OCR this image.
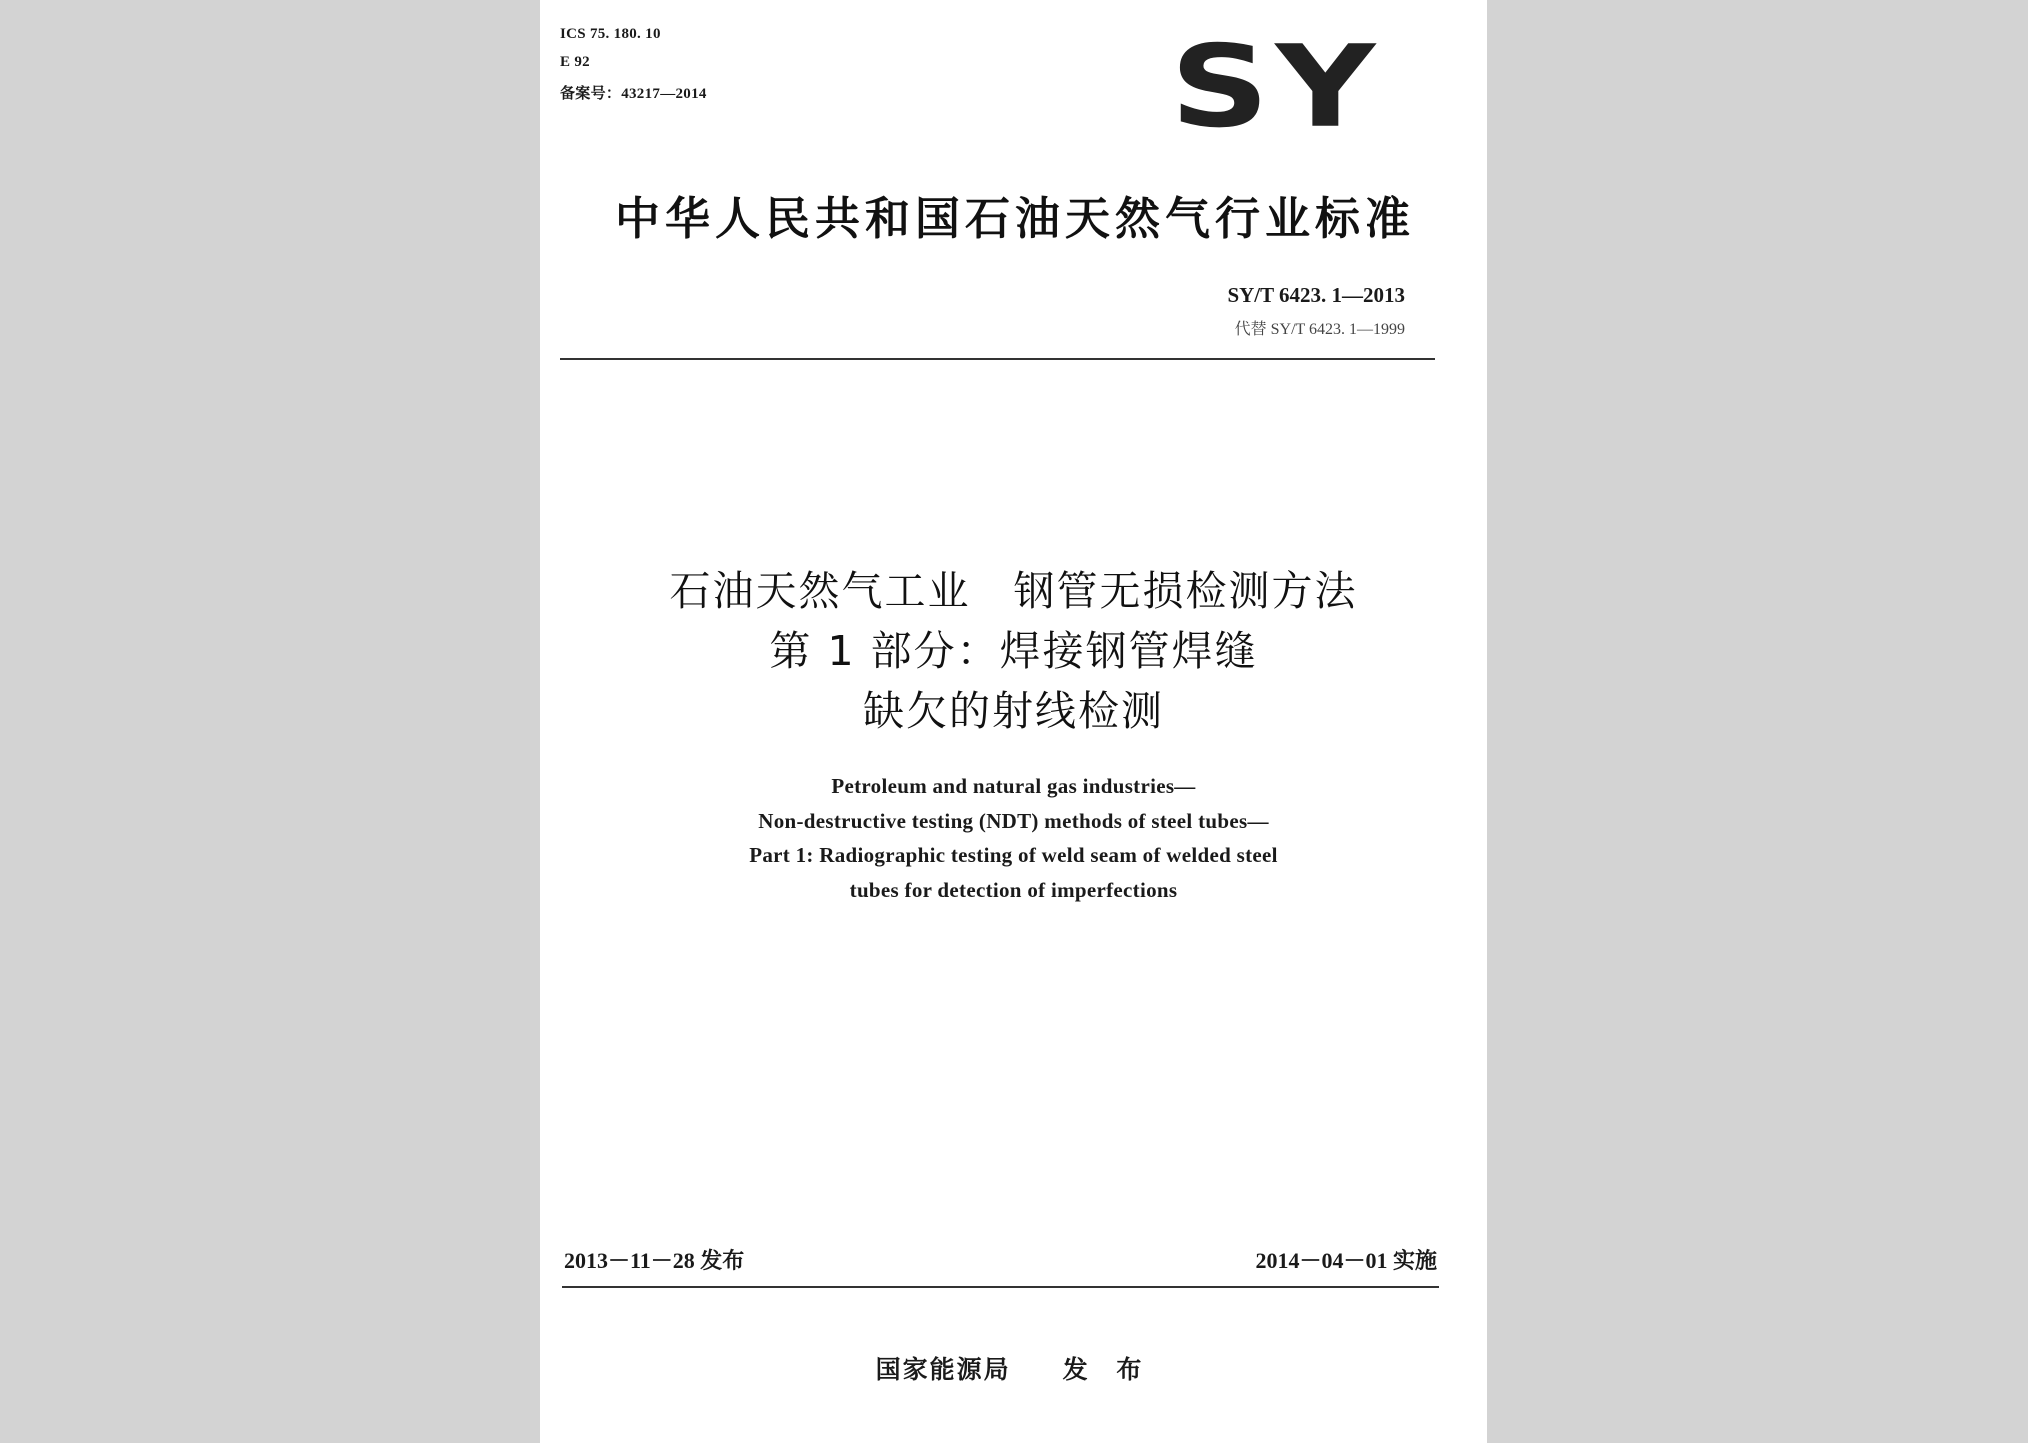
ICS 75. 180. 10
E 92
备案号：43217—2014	SY
中华人民共和国石油天然气行业标准
SY/T 6423. 1—2013
代替 SY/T 6423. 1—1999
石油天然气工业　钢管无损检测方法
第 1 部分：焊接钢管焊缝
缺欠的射线检测
Petroleum and natural gas industries—
Non-destructive testing (NDT) methods of steel tubes—
Part 1: Radiographic testing of weld seam of welded steel
tubes for detection of imperfections
2013－11－28 发布	2014－04－01 实施
国家能源局 发 布
